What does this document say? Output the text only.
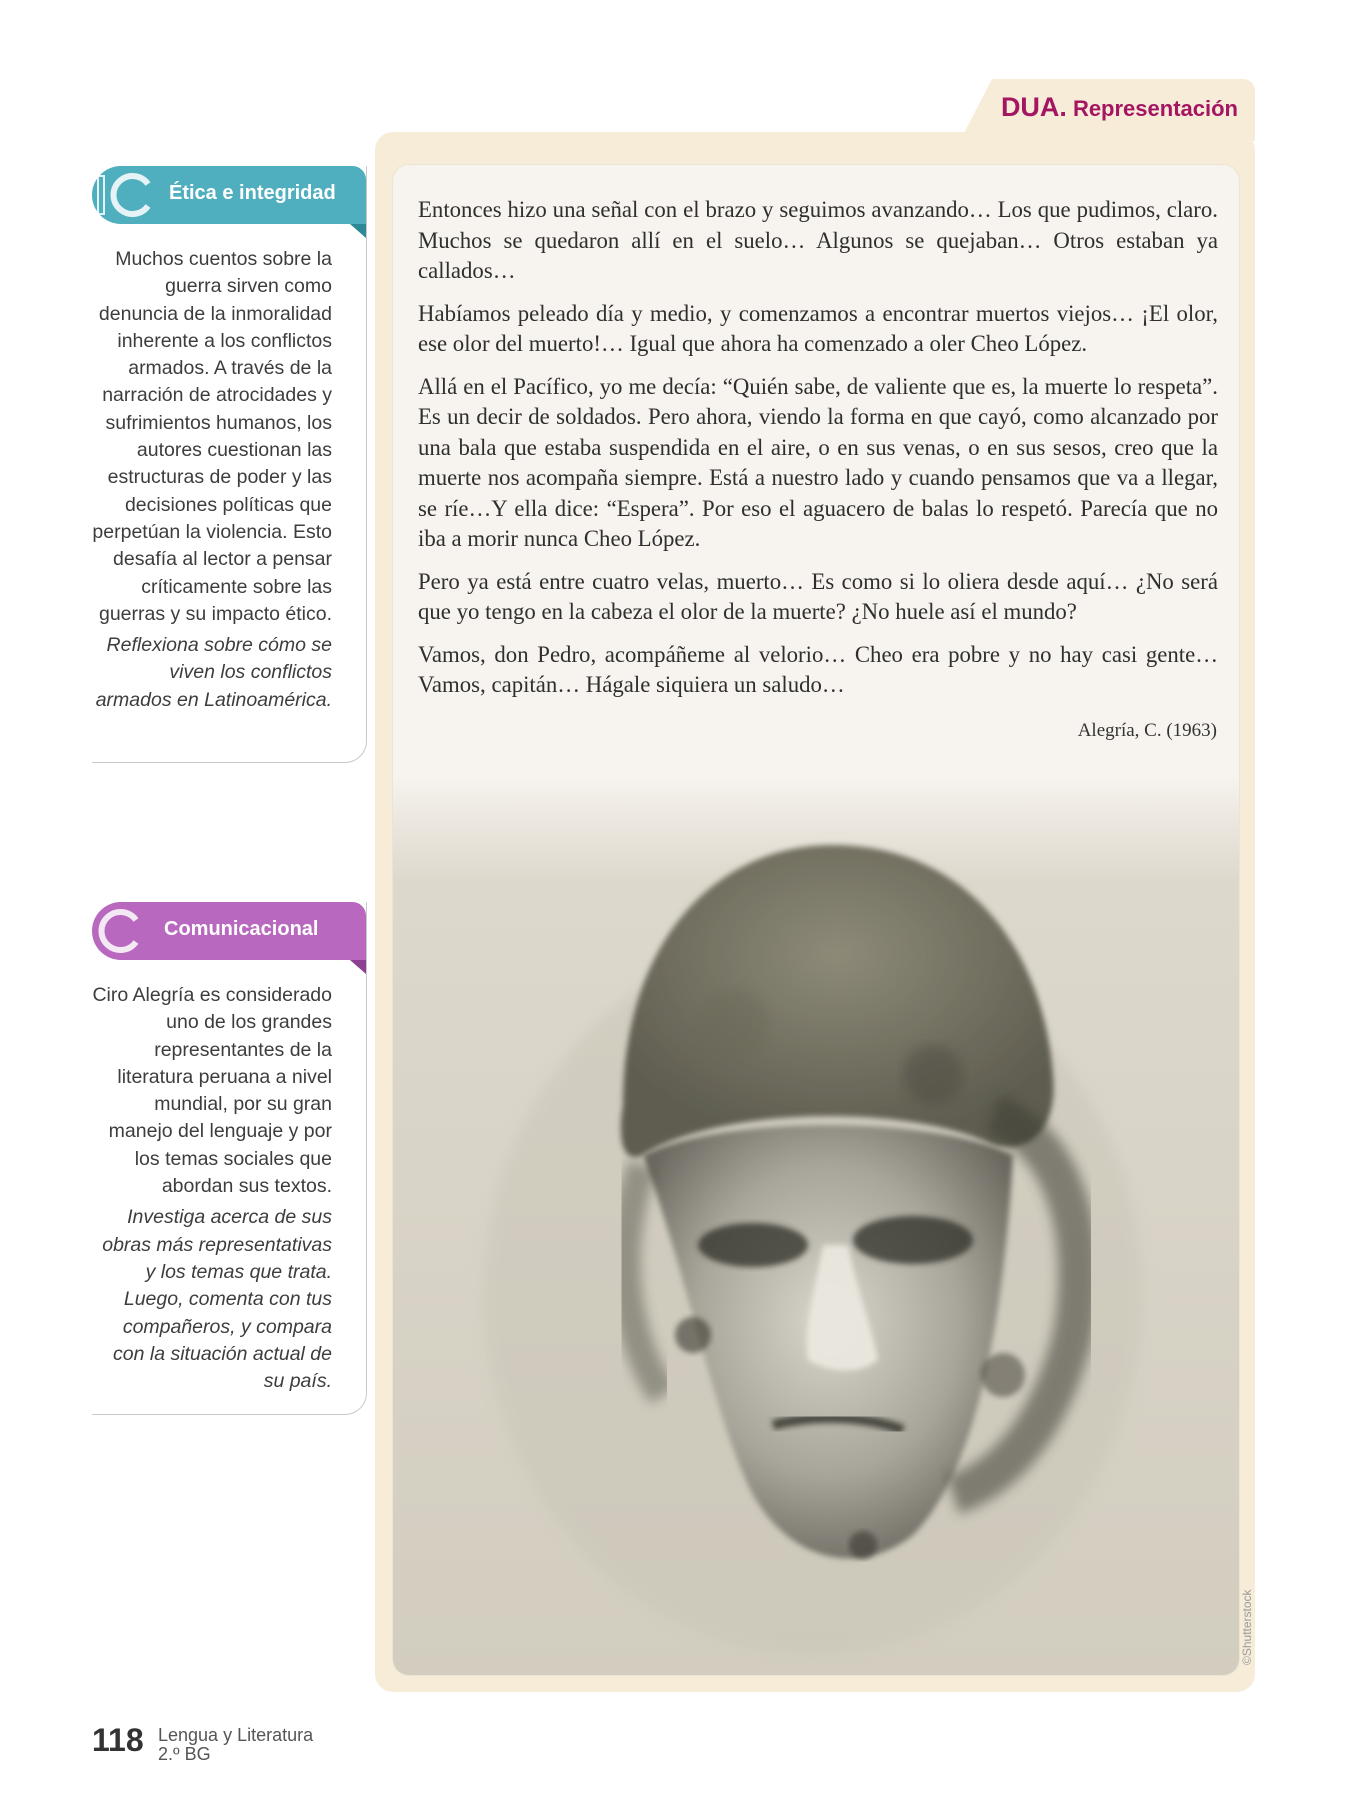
DUA. Representación

Entonces hizo una señal con el brazo y seguimos avanzando… Los que pudimos, claro. Muchos se quedaron allí en el suelo… Algunos se quejaban… Otros estaban ya callados…

Habíamos peleado día y medio, y comenzamos a encontrar muertos viejos… ¡El olor, ese olor del muerto!… Igual que ahora ha comenzado a oler Cheo López.

Allá en el Pacífico, yo me decía: “Quién sabe, de valiente que es, la muerte lo respeta”. Es un decir de soldados. Pero ahora, viendo la forma en que cayó, como alcanzado por una bala que estaba suspendida en el aire, o en sus venas, o en sus sesos, creo que la muerte nos acompaña siempre. Está a nuestro lado y cuando pensamos que va a llegar, se ríe…Y ella dice: “Espera”. Por eso el aguacero de balas lo respetó. Parecía que no iba a morir nunca Cheo López.

Pero ya está entre cuatro velas, muerto… Es como si lo oliera desde aquí… ¿No será que yo tengo en la cabeza el olor de la muerte? ¿No huele así el mundo?

Vamos, don Pedro, acompáñeme al velorio… Cheo era pobre y no hay casi gente… Vamos, capitán… Hágale siquiera un saludo…

Alegría, C. (1963)
©Shutterstock
Ética e integridad
Muchos cuentos sobre la guerra sirven como denuncia de la inmoralidad inherente a los conflictos armados. A través de la narración de atrocidades y sufrimientos humanos, los autores cuestionan las estructuras de poder y las decisiones políticas que perpetúan la violencia. Esto desafía al lector a pensar críticamente sobre las guerras y su impacto ético.
Reflexiona sobre cómo se viven los conflictos armados en Latinoamérica.
Comunicacional
Ciro Alegría es considerado uno de los grandes representantes de la literatura peruana a nivel mundial, por su gran manejo del lenguaje y por los temas sociales que abordan sus textos.
Investiga acerca de sus obras más representativas y los temas que trata. Luego, comenta con tus compañeros, y compara con la situación actual de su país.
118 Lengua y Literatura
2.º BG
